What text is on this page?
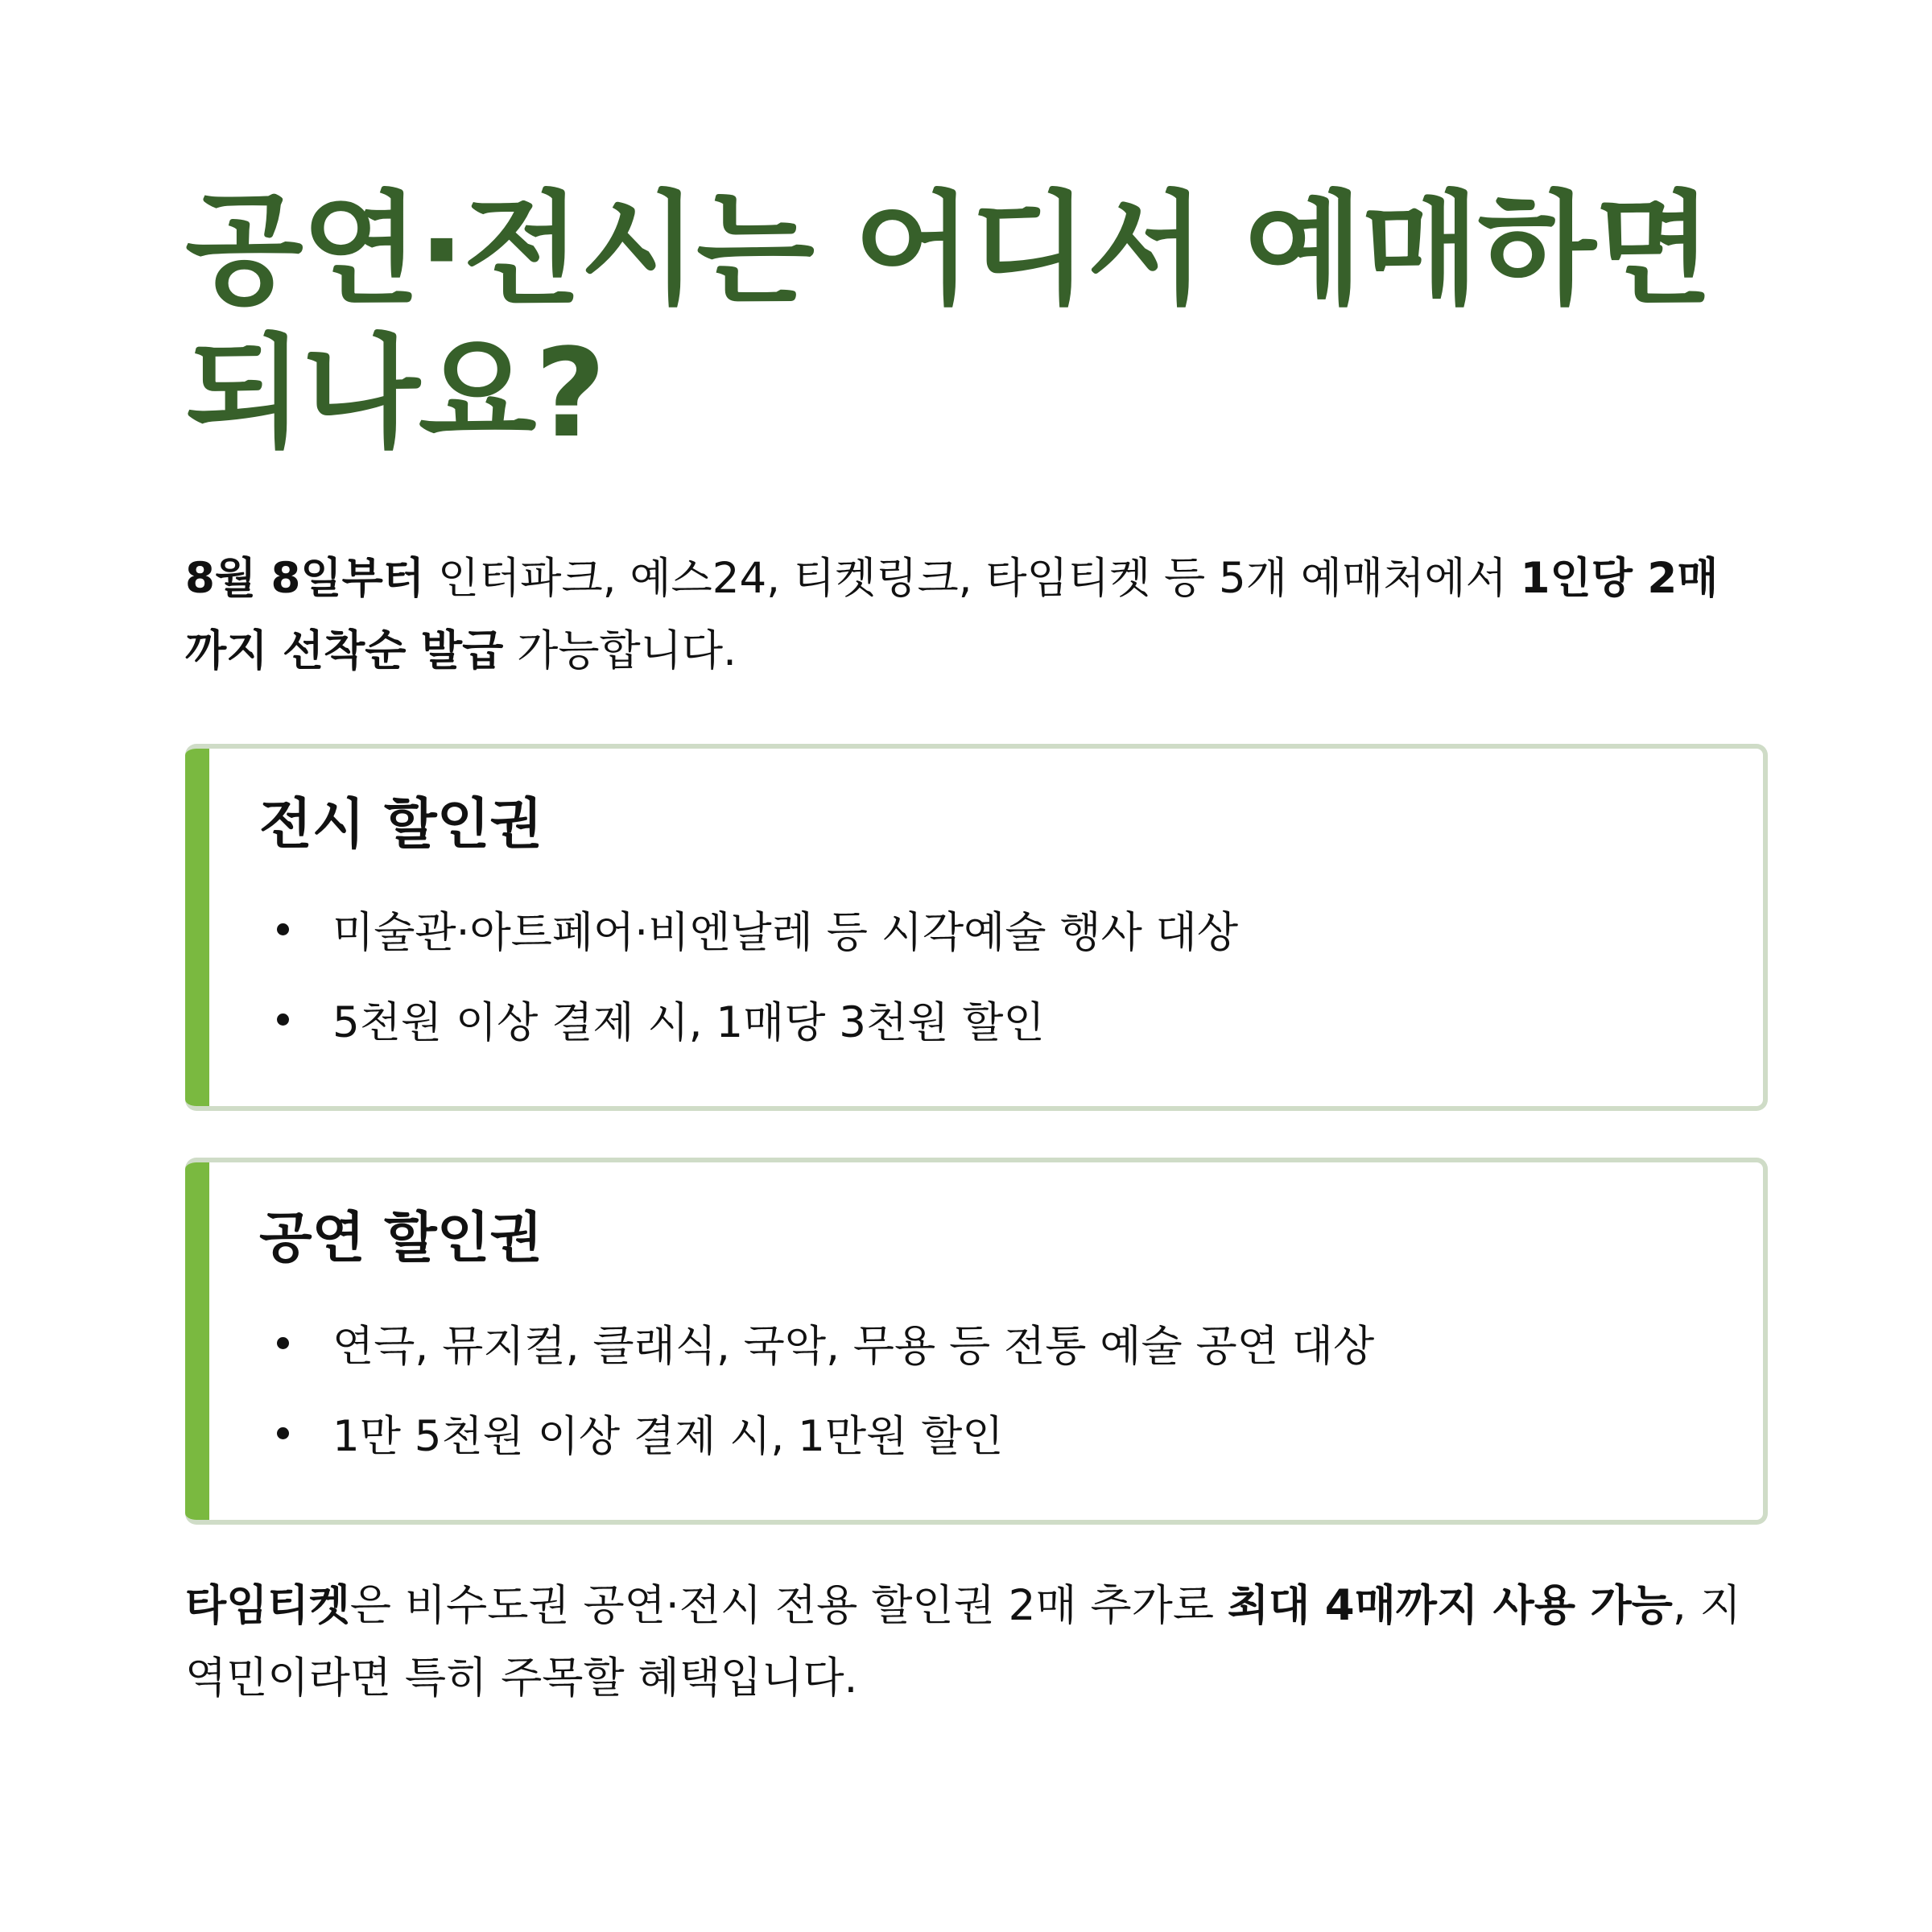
공연·전시는 어디서 예매하면 되나요?

8월 8일부터 인터파크, 예스24, 티켓링크, 타임티켓 등 5개 예매처에서 1인당 2매까지 선착순 발급 가능합니다.

전시 할인권
미술관·아트페어·비엔날레 등 시각예술 행사 대상
5천원 이상 결제 시, 1매당 3천원 할인
공연 할인권
연극, 뮤지컬, 클래식, 국악, 무용 등 전통 예술 공연 대상
1만 5천원 이상 결제 시, 1만원 할인

타임티켓은 비수도권 공연·전시 전용 할인권 2매 추가로 최대 4매까지 사용 가능, 지역민이라면 특히 주목할 혜택입니다.
